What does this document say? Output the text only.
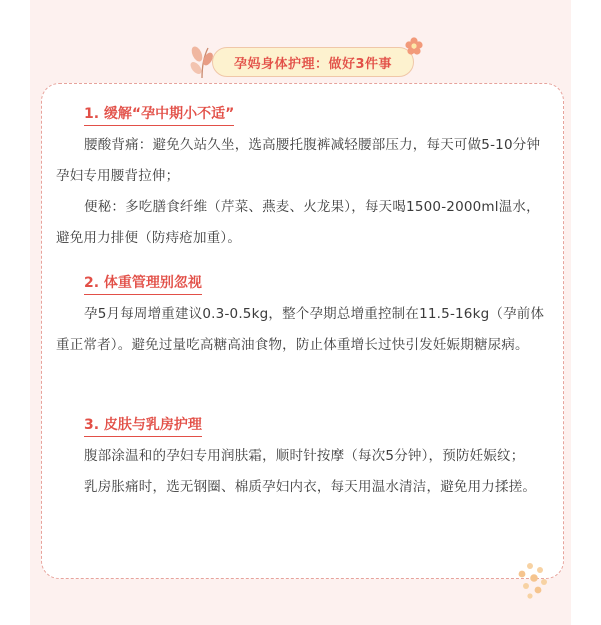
孕妈身体护理：做好3件事
1. 缓解“孕中期小不适”

腰酸背痛：避免久站久坐，选高腰托腹裤减轻腰部压力，每天可做5-10分钟孕妇专用腰背拉伸；

便秘：多吃膳食纤维（芹菜、燕麦、火龙果），每天喝1500-2000ml温水，避免用力排便（防痔疮加重）。

2. 体重管理别忽视

孕5月每周增重建议0.3-0.5kg，整个孕期总增重控制在11.5-16kg（孕前体重正常者）。避免过量吃高糖高油食物，防止体重增长过快引发妊娠期糖尿病。

3. 皮肤与乳房护理

腹部涂温和的孕妇专用润肤霜，顺时针按摩（每次5分钟），预防妊娠纹；

乳房胀痛时，选无钢圈、棉质孕妇内衣，每天用温水清洁，避免用力揉搓。
